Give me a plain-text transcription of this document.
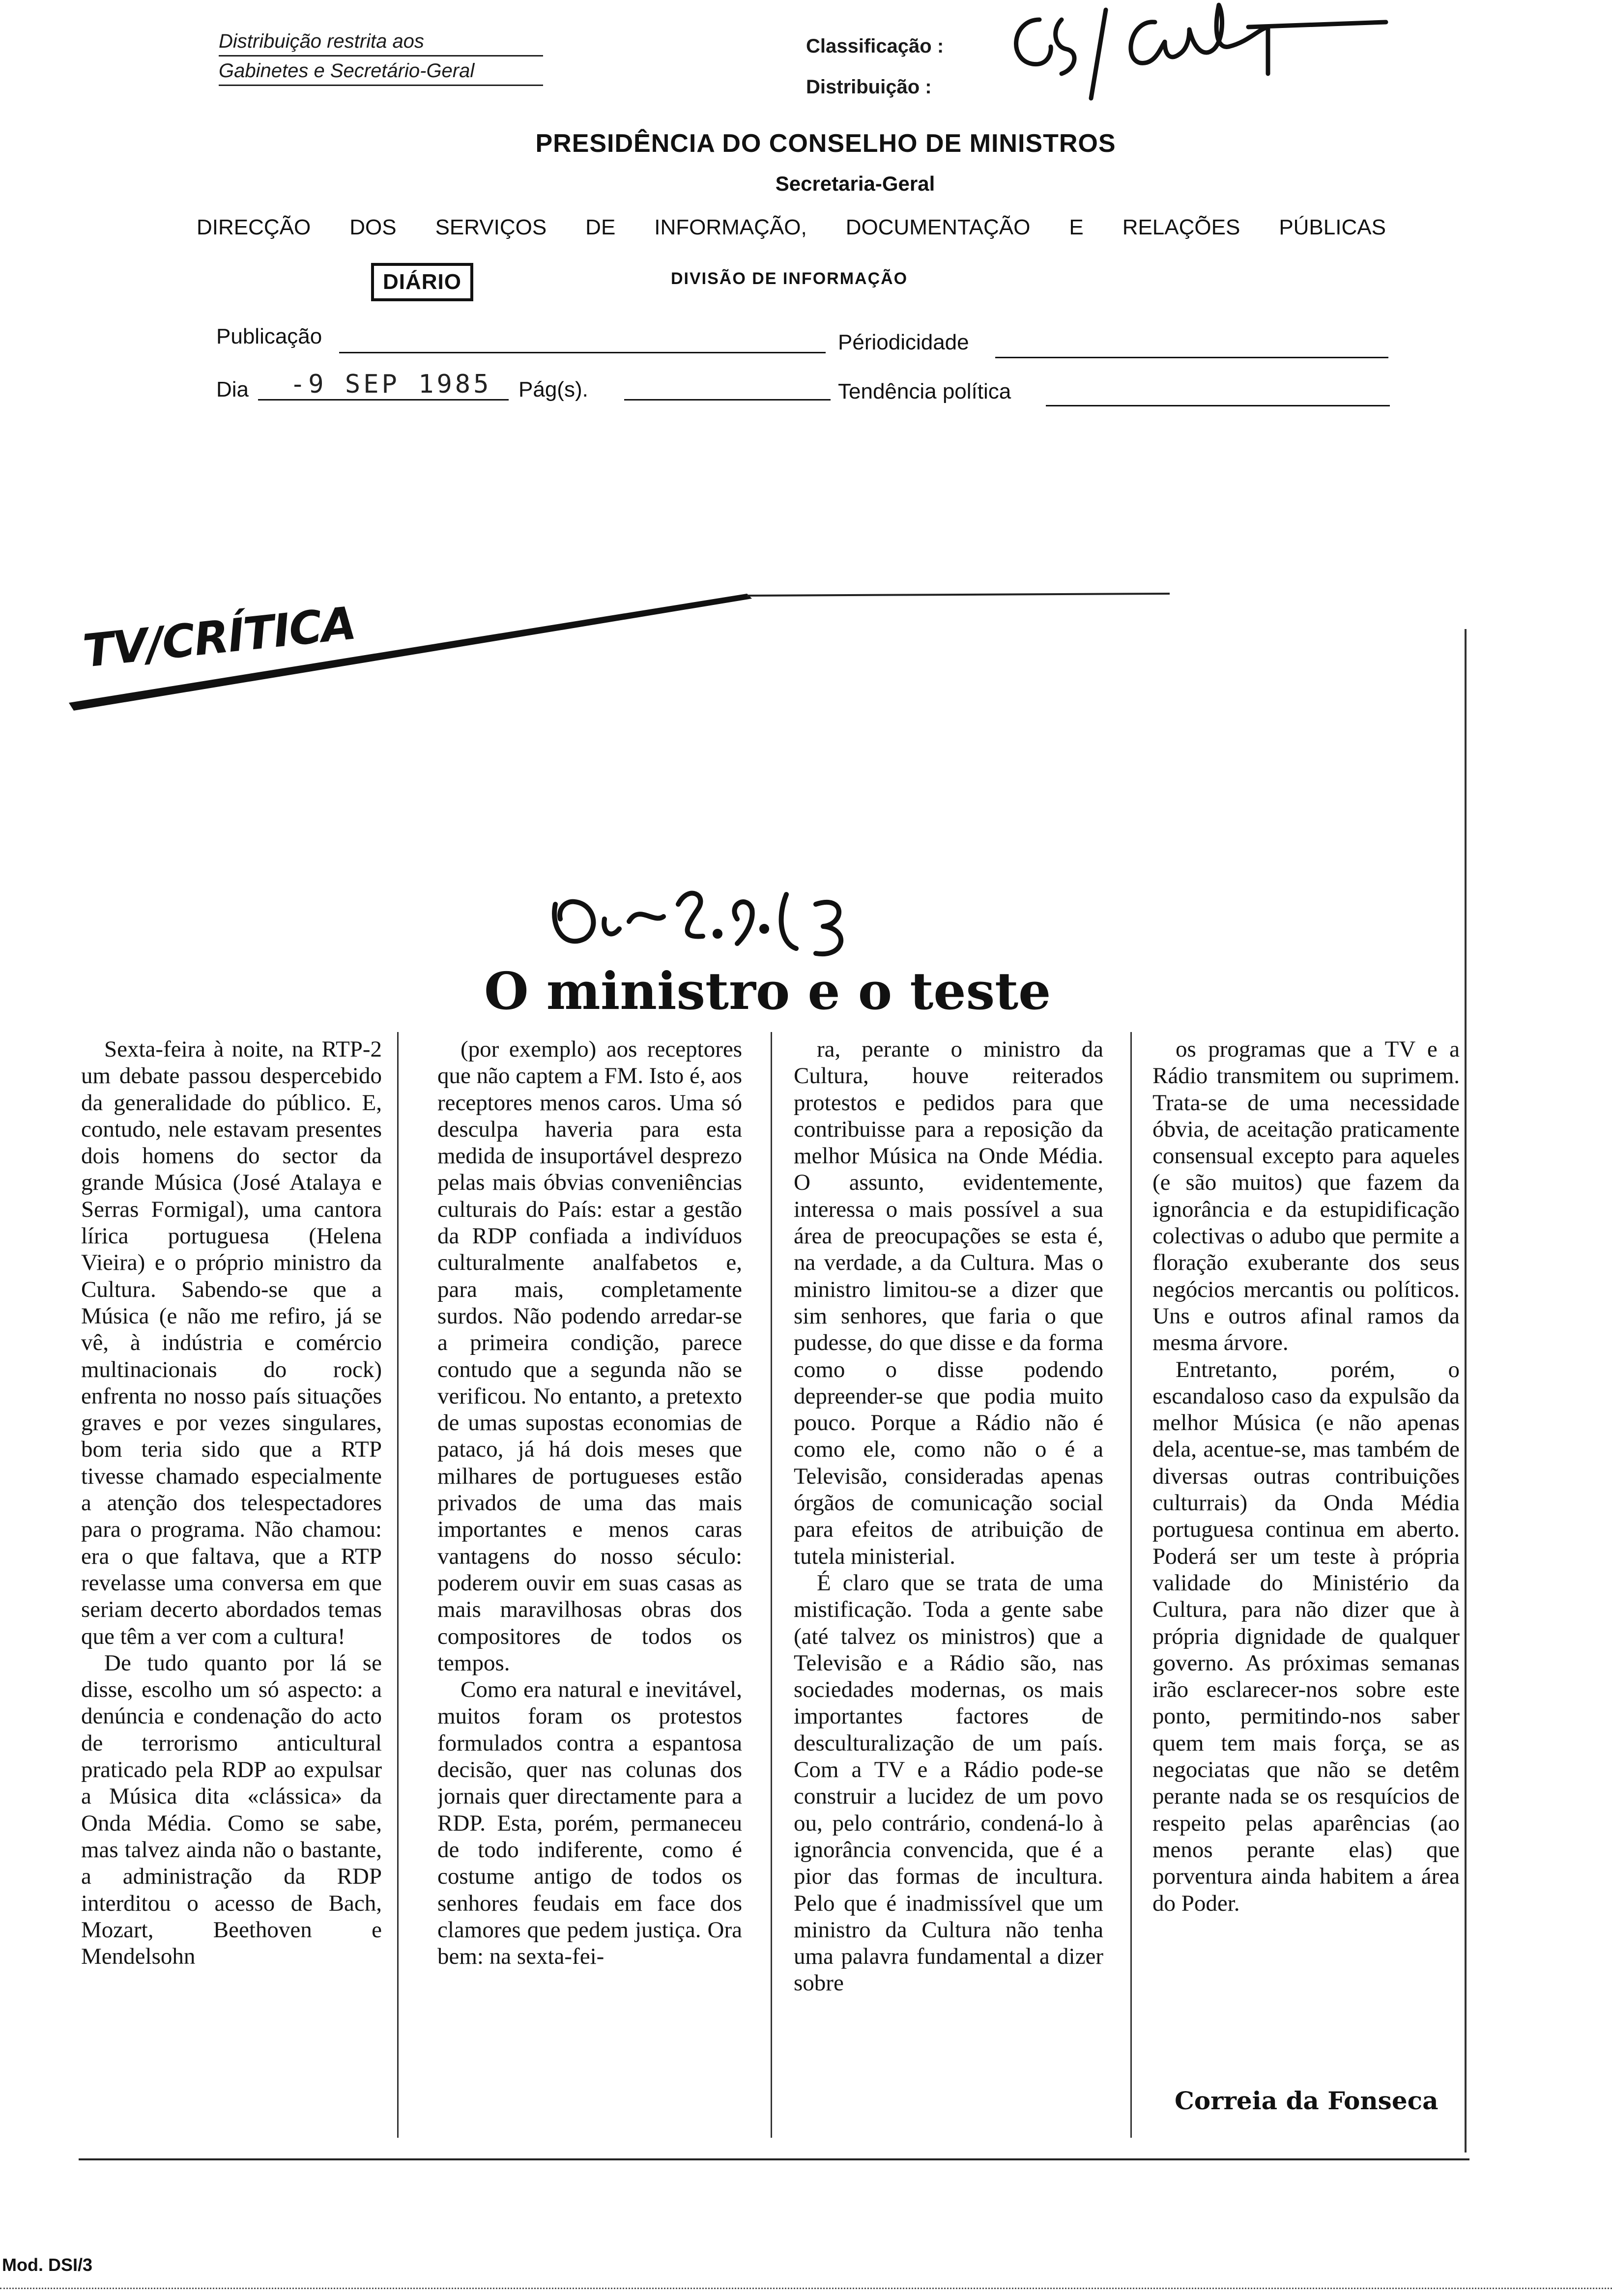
Distribuição restrita aos
Gabinetes e Secretário-Geral
Classificação :
Distribuição :
PRESIDÊNCIA DO CONSELHO DE MINISTROS
Secretaria-Geral
DIRECÇÃO DOS SERVIÇOS DE INFORMAÇÃO, DOCUMENTAÇÃO E RELAÇÕES PÚBLICAS
DIÁRIO	DIVISÃO DE INFORMAÇÃO
Publicação	Périodicidade
Dia -9 SEP 1985 Pág(s).	Tendência política
TV/CRÍTICA
O ministro e o teste

 Sexta-feira à noite, na RTP-2 um debate passou despercebido da generalidade do público. E, contudo, nele estavam presentes dois homens do sector da grande Música (José Atalaya e Serras Formigal), uma cantora lírica portuguesa (Helena Vieira) e o próprio ministro da Cultura. Sabendo-se que a Música (e não me refiro, já se vê, à indústria e comércio multinacionais do rock) enfrenta no nosso país situações graves e por vezes singulares, bom teria sido que a RTP tivesse chamado especialmente a atenção dos telespectadores para o programa. Não chamou: era o que faltava, que a RTP revelasse uma conversa em que seriam decerto abordados temas que têm a ver com a cultura!
 De tudo quanto por lá se disse, escolho um só aspecto: a denúncia e condenação do acto de terrorismo anticultural praticado pela RDP ao expulsar a Música dita «clássica» da Onda Média. Como se sabe, mas talvez ainda não o bastante, a administração da RDP interditou o acesso de Bach, Mozart, Beethoven e Mendelsohn

 (por exemplo) aos receptores que não captem a FM. Isto é, aos receptores menos caros. Uma só desculpa haveria para esta medida de insuportável desprezo pelas mais óbvias conveniências culturais do País: estar a gestão da RDP confiada a indivíduos culturalmente analfabetos e, para mais, completamente surdos. Não podendo arredar-se a primeira condição, parece contudo que a segunda não se verificou. No entanto, a pretexto de umas supostas economias de pataco, já há dois meses que milhares de portugueses estão privados de uma das mais importantes e menos caras vantagens do nosso século: poderem ouvir em suas casas as mais maravilhosas obras dos compositores de todos os tempos.
 Como era natural e inevitável, muitos foram os protestos formulados contra a espantosa decisão, quer nas colunas dos jornais quer directamente para a RDP. Esta, porém, permaneceu de todo indiferente, como é costume antigo de todos os senhores feudais em face dos clamores que pedem justiça. Ora bem: na sexta-fei-

 ra, perante o ministro da Cultura, houve reiterados protestos e pedidos para que contribuisse para a reposição da melhor Música na Onde Média. O assunto, evidentemente, interessa o mais possível a sua área de preocupações se esta é, na verdade, a da Cultura. Mas o ministro limitou-se a dizer que sim senhores, que faria o que pudesse, do que disse e da forma como o disse podendo depreender-se que podia muito pouco. Porque a Rádio não é como ele, como não o é a Televisão, consideradas apenas órgãos de comunicação social para efeitos de atribuição de tutela ministerial.
 É claro que se trata de uma mistificação. Toda a gente sabe (até talvez os ministros) que a Televisão e a Rádio são, nas sociedades modernas, os mais importantes factores de desculturalização de um país. Com a TV e a Rádio pode-se construir a lucidez de um povo ou, pelo contrário, condená-lo à ignorância convencida, que é a pior das formas de incultura. Pelo que é inadmissível que um ministro da Cultura não tenha uma palavra fundamental a dizer sobre

 os programas que a TV e a Rádio transmitem ou suprimem. Trata-se de uma necessidade óbvia, de aceitação praticamente consensual excepto para aqueles (e são muitos) que fazem da ignorância e da estupidificação colectivas o adubo que permite a floração exuberante dos seus negócios mercantis ou políticos. Uns e outros afinal ramos da mesma árvore.
 Entretanto, porém, o escandaloso caso da expulsão da melhor Música (e não apenas dela, acentue-se, mas também de diversas outras contribuições culturrais) da Onda Média portuguesa continua em aberto. Poderá ser um teste à própria validade do Ministério da Cultura, para não dizer que à própria dignidade de qualquer governo. As próximas semanas irão esclarecer-nos sobre este ponto, permitindo-nos saber quem tem mais força, se as negociatas que não se detêm perante nada se os resquícios de respeito pelas aparências (ao menos perante elas) que porventura ainda habitem a área do Poder.

Correia da Fonseca
Mod. DSI/3
